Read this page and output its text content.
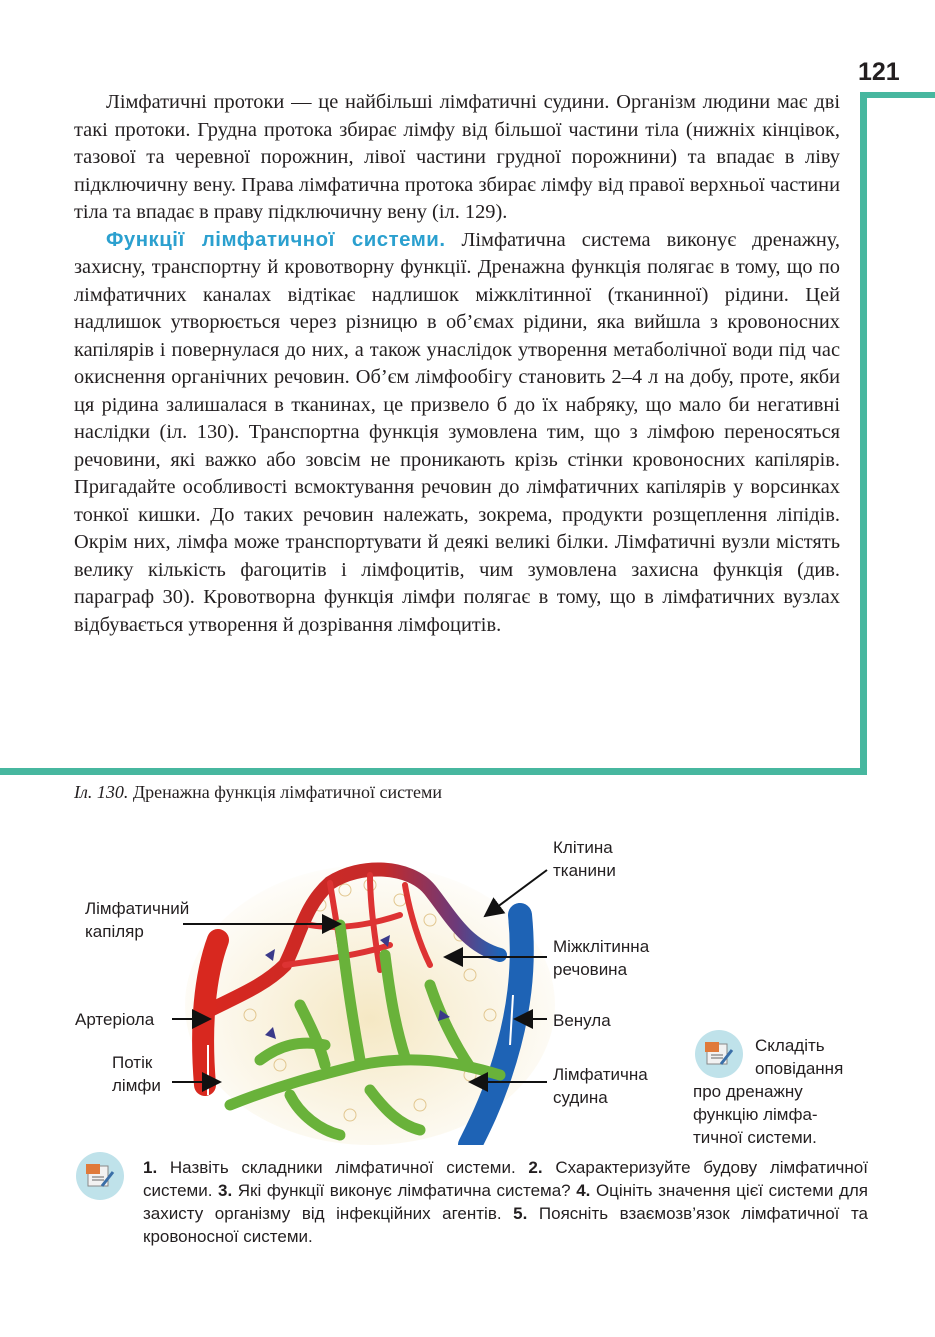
121

Лімфатичні протоки — це найбільші лімфатичні судини. Організм людини має дві такі протоки. Грудна протока збирає лімфу від більшої частини тіла (нижніх кінцівок, тазової та черевної порожнин, лівої частини грудної порожнини) та впадає в ліву підключичну вену. Права лімфатична протока збирає лімфу від правої верхньої частини тіла та впадає в праву підключичну вену (іл. 129).

Функції лімфатичної системи. Лімфатична система виконує дренажну, захисну, транспортну й кровотворну функції. Дренажна функція полягає в тому, що по лімфатичних каналах відтікає надлишок міжклітинної (тканинної) рідини. Цей надлишок утворюється через різницю в об’ємах рідини, яка вийшла з кровоносних капілярів і повернулася до них, а також унаслідок утворення метаболічної води під час окиснення органічних речовин. Об’єм лімфообігу становить 2–4 л на добу, проте, якби ця рідина залишалася в тканинах, це призвело б до їх набряку, що мало би негативні наслідки (іл. 130). Транспортна функція зумовлена тим, що з лімфою переносяться речовини, які важко або зовсім не проникають крізь стінки кровоносних капілярів. Пригадайте особливості всмоктування речовин до лімфатичних капілярів у ворсинках тонкої кишки. До таких речовин належать, зокрема, продукти розщеплення ліпідів. Окрім них, лімфа може транспортувати й деякі великі білки. Лімфатичні вузли містять велику кількість фагоцитів і лімфоцитів, чим зумовлена захисна функція (див. параграф 30). Кровотворна функція лімфи полягає в тому, що в лімфатичних вузлах відбувається утворення й дозрівання лімфоцитів.

Іл. 130. Дренажна функція лімфатичної системи
Клітина
тканини
Лімфатичний
капіляр
Міжклітинна
речовина
Артеріола	Венула
Потік
лімфи
Лімфатична
судина
Складіть
оповідання
про дренажну
функцію лімфа-
тичної системи.
1. Назвіть складники лімфатичної системи. 2. Схарактеризуйте будову лімфатичної системи. 3. Які функції виконує лімфатична система? 4. Оцініть значення цієї системи для захисту організму від інфекційних агентів. 5. Поясніть взаємозв’язок лімфатичної та кровоносної системи.
